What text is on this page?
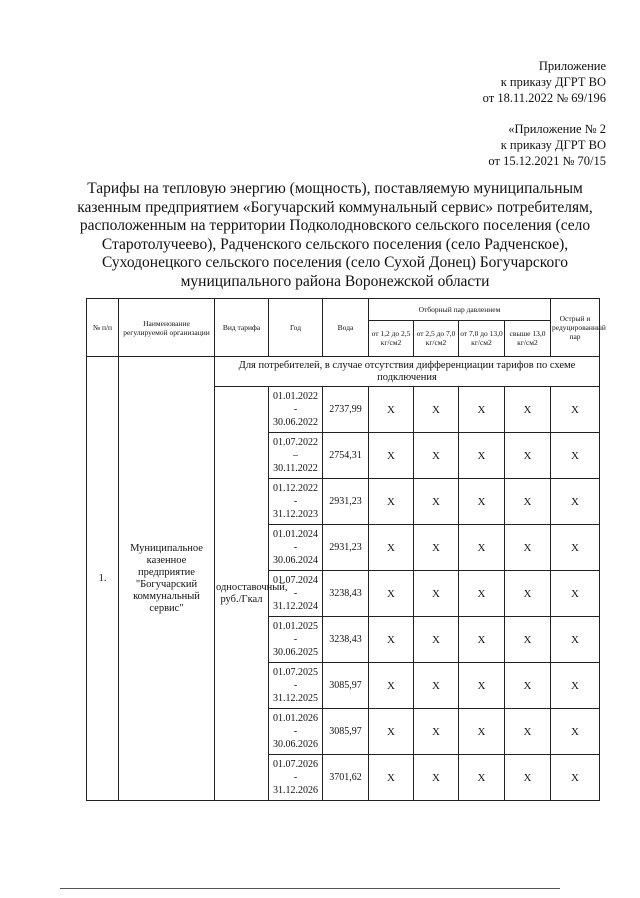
Приложение
к приказу ДГРТ ВО
от 18.11.2022 № 69/196
«Приложение № 2
к приказу ДГРТ ВО
от 15.12.2021 № 70/15
Тарифы на тепловую энергию (мощность), поставляемую муниципальным казенным предприятием «Богучарский коммунальный сервис» потребителям, расположенным на территории Подколодновского сельского поселения (село Старотолучеево), Радченского сельского поселения (село Радченское), Суходонецкого сельского поселения (село Сухой Донец) Богучарского муниципального района Воронежской области
№ п/п	Наименование регулируемой организации	Вид тарифа	Год	Вода	Отборный пар давлением				Острый и редуцированный пар
					от 1,2 до 2,5 кг/см2	от 2,5 до 7,0 кг/см2	от 7,0 до 13,0 кг/см2	свыше 13,0 кг/см2	
1.	Муниципальное казенное предприятие "Богучарский коммунальный сервис"	Для потребителей, в случае отсутствия дифференциации тарифов по схеме подключения							
		одноставочный, руб./Гкал	01.01.2022
-
30.06.2022	2737,99	X	X	X	X	X

			01.07.2022
–
30.11.2022	2754,31	X	X	X	X	X

			01.12.2022
-
31.12.2023	2931,23	X	X	X	X	X

			01.01.2024
-
30.06.2024	2931,23	X	X	X	X	X

			01.07.2024
-
31.12.2024	3238,43	X	X	X	X	X

			01.01.2025
-
30.06.2025	3238,43	X	X	X	X	X

			01.07.2025
-
31.12.2025	3085,97	X	X	X	X	X

			01.01.2026
-
30.06.2026	3085,97	X	X	X	X	X

			01.07.2026
-
31.12.2026	3701,62	X	X	X	X	X
